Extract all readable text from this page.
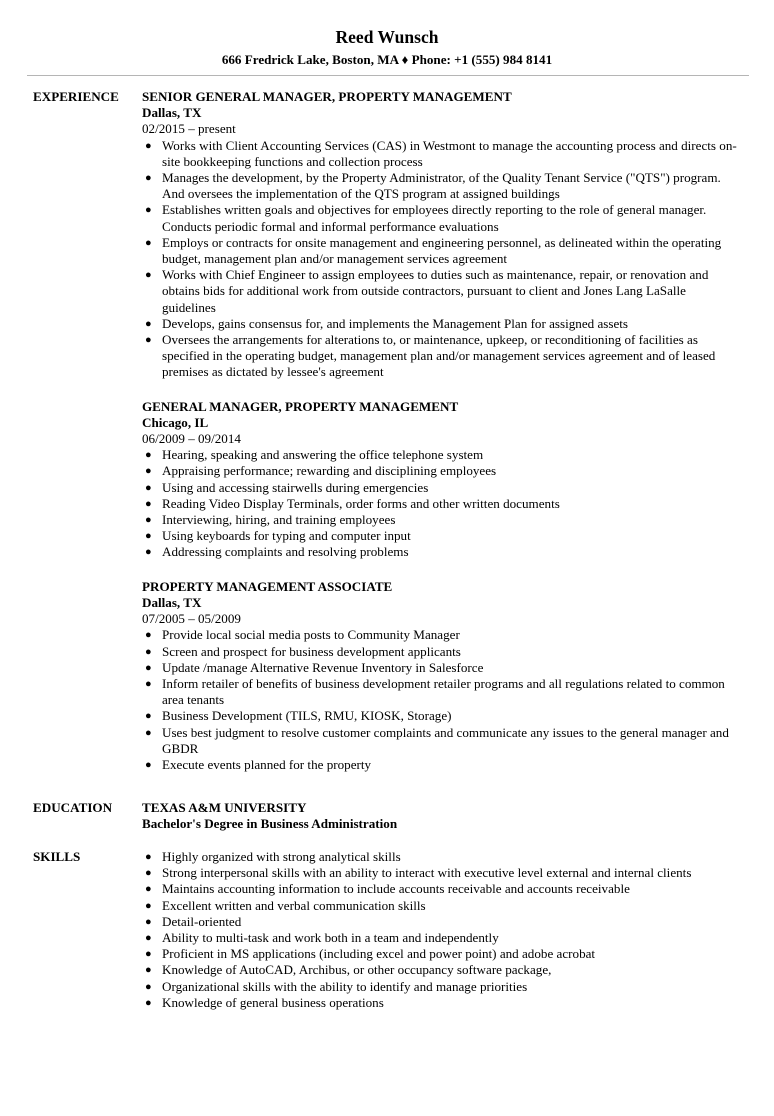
Reed Wunsch
666 Fredrick Lake, Boston, MA ♦ Phone: +1 (555) 984 8141
EXPERIENCE SENIOR GENERAL MANAGER, PROPERTY MANAGEMENT
Dallas, TX
02/2015 – present
● Works with Client Accounting Services (CAS) in Westmont to manage the accounting process and directs on-site bookkeeping functions and collection process
● Manages the development, by the Property Administrator, of the Quality Tenant Service ("QTS") program. And oversees the implementation of the QTS program at assigned buildings
● Establishes written goals and objectives for employees directly reporting to the role of general manager. Conducts periodic formal and informal performance evaluations
● Employs or contracts for onsite management and engineering personnel, as delineated within the operating budget, management plan and/or management services agreement
● Works with Chief Engineer to assign employees to duties such as maintenance, repair, or renovation and obtains bids for additional work from outside contractors, pursuant to client and Jones Lang LaSalle guidelines
● Develops, gains consensus for, and implements the Management Plan for assigned assets
● Oversees the arrangements for alterations to, or maintenance, upkeep, or reconditioning of facilities as specified in the operating budget, management plan and/or management services agreement and of leased premises as dictated by lessee's agreement
GENERAL MANAGER, PROPERTY MANAGEMENT
Chicago, IL
06/2009 – 09/2014
● Hearing, speaking and answering the office telephone system
● Appraising performance; rewarding and disciplining employees
● Using and accessing stairwells during emergencies
● Reading Video Display Terminals, order forms and other written documents
● Interviewing, hiring, and training employees
● Using keyboards for typing and computer input
● Addressing complaints and resolving problems
PROPERTY MANAGEMENT ASSOCIATE
Dallas, TX
07/2005 – 05/2009
● Provide local social media posts to Community Manager
● Screen and prospect for business development applicants
● Update /manage Alternative Revenue Inventory in Salesforce
● Inform retailer of benefits of business development retailer programs and all regulations related to common area tenants
● Business Development (TILS, RMU, KIOSK, Storage)
● Uses best judgment to resolve customer complaints and communicate any issues to the general manager and GBDR
● Execute events planned for the property
EDUCATION TEXAS A&M UNIVERSITY
Bachelor's Degree in Business Administration
SKILLS	● Highly organized with strong analytical skills
● Strong interpersonal skills with an ability to interact with executive level external and internal clients
● Maintains accounting information to include accounts receivable and accounts receivable
● Excellent written and verbal communication skills
● Detail-oriented
● Ability to multi-task and work both in a team and independently
● Proficient in MS applications (including excel and power point) and adobe acrobat
● Knowledge of AutoCAD, Archibus, or other occupancy software package,
● Organizational skills with the ability to identify and manage priorities
● Knowledge of general business operations
